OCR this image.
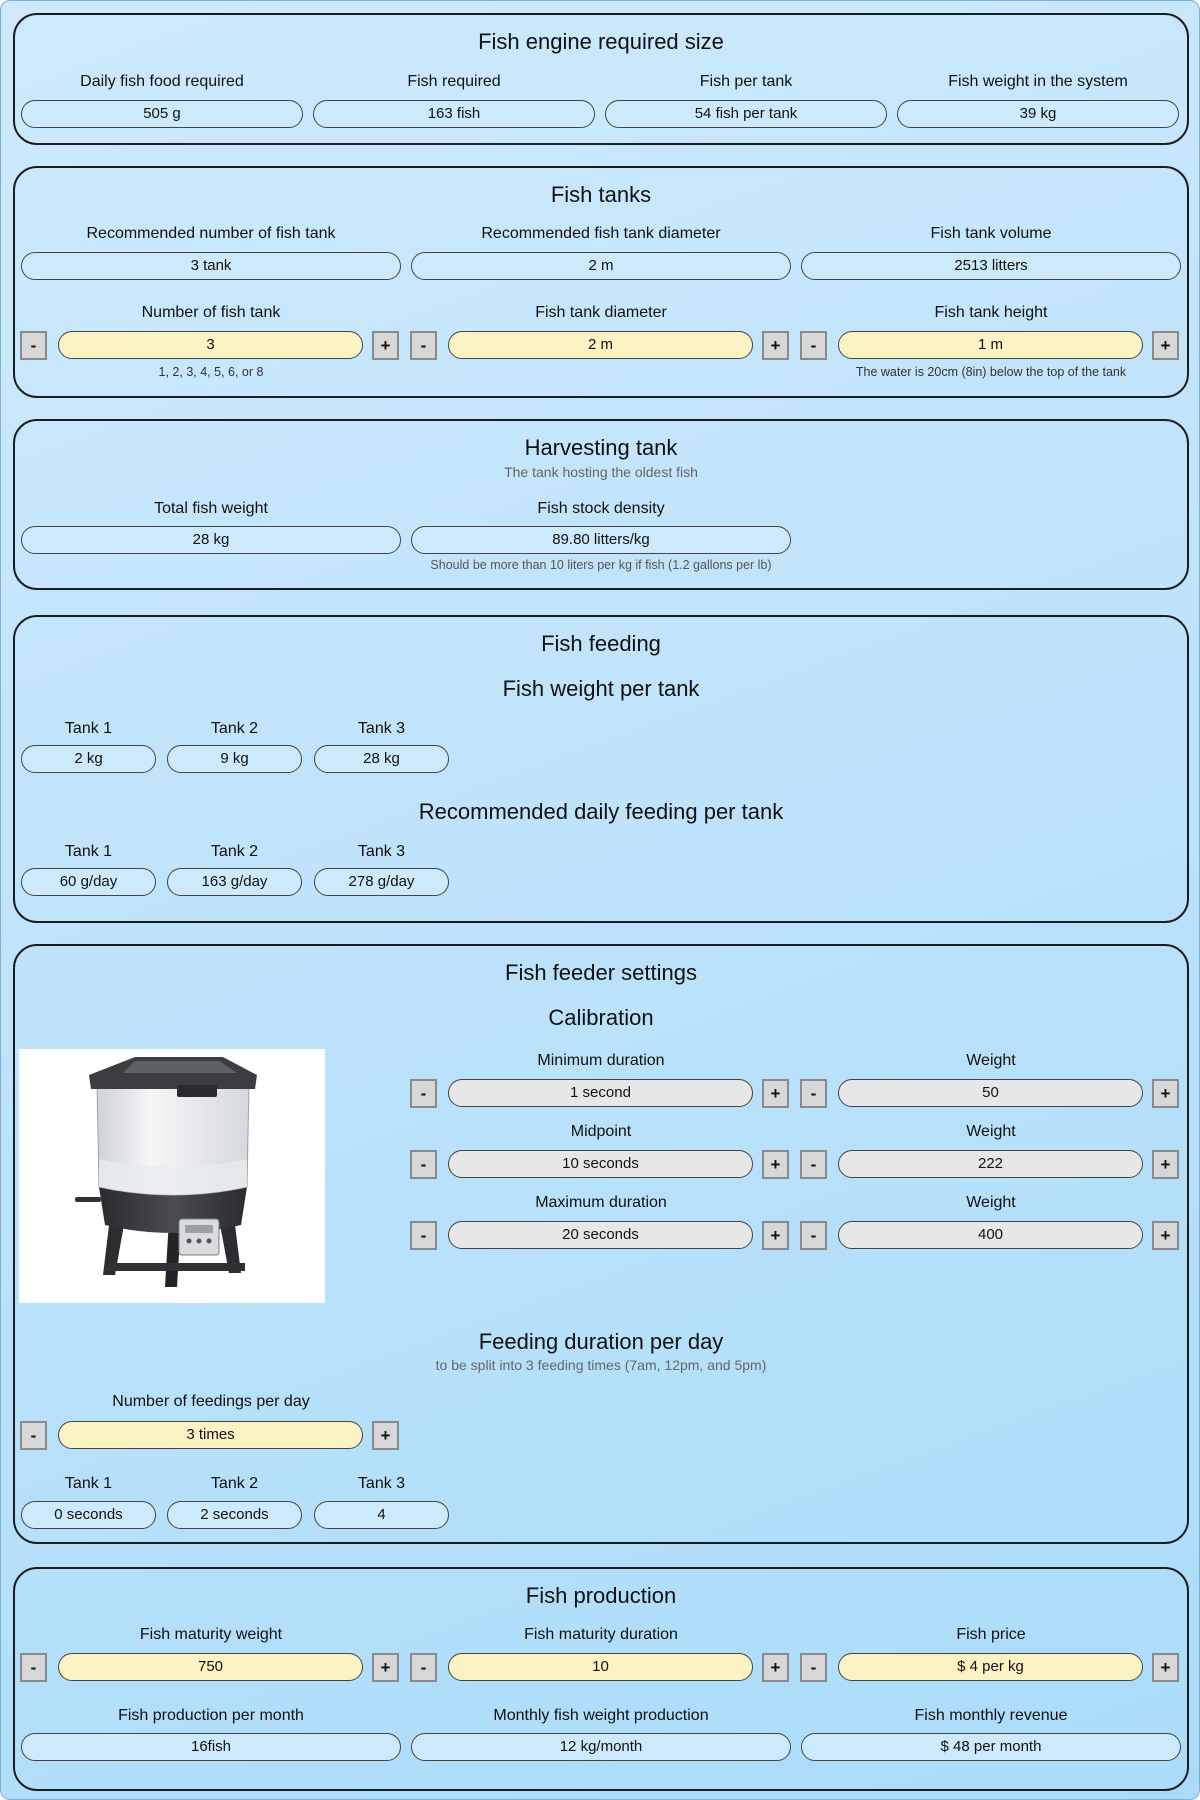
Fish engine required size
Daily fish food required
505 g
Fish required
163 fish
Fish per tank
54 fish per tank
Fish weight in the system
39 kg
Fish tanks
Recommended number of fish tank
3 tank
Recommended fish tank diameter
2 m
Fish tank volume
2513 litters
Number of fish tank
-	3	+
1, 2, 3, 4, 5, 6, or 8
Fish tank diameter
-	2 m	+
Fish tank height
-	1 m	+
The water is 20cm (8in) below the top of the tank
Harvesting tank
The tank hosting the oldest fish
Total fish weight
28 kg
Fish stock density
89.80 litters/kg
Should be more than 10 liters per kg if fish (1.2 gallons per lb)
Fish feeding
Fish weight per tank
Recommended daily feeding per tank
Tank 1
2 kg
Tank 2
9 kg
Tank 3
28 kg
Tank 1
60 g/day
Tank 2
163 g/day
Tank 3
278 g/day
Fish feeder settings
Calibration
Feeding duration per day
to be split into 3 feeding times (7am, 12pm, and 5pm)
Minimum duration
-	1 second	+
Weight
-	50	+
Midpoint
-	10 seconds	+
Weight
-	222	+
Maximum duration
-	20 seconds	+
Weight
-	400	+
Number of feedings per day
-	3 times	+
Tank 1
0 seconds
Tank 2
2 seconds
Tank 3
4
Fish production
Fish maturity weight
-	750	+
Fish maturity duration
-	10	+
Fish price
-	$ 4 per kg	+
Fish production per month
16fish
Monthly fish weight production
12 kg/month
Fish monthly revenue
$ 48 per month
